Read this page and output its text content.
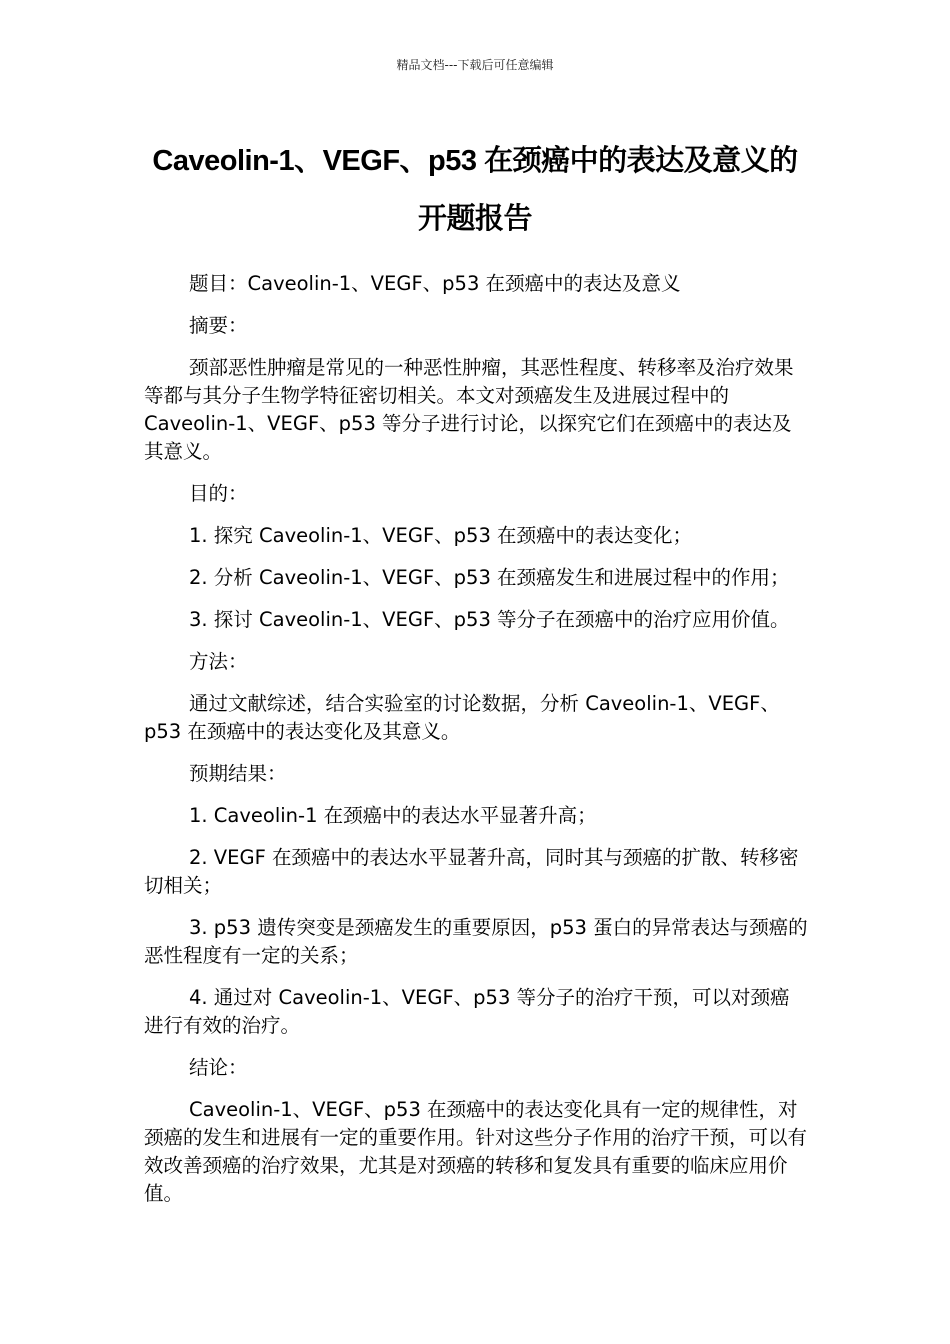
精品文档---下载后可任意编辑
Caveolin-1、VEGF、p53 在颈癌中的表达及意义的
开题报告

题目：Caveolin-1、VEGF、p53 在颈癌中的表达及意义

摘要：

颈部恶性肿瘤是常见的一种恶性肿瘤，其恶性程度、转移率及治疗效果等都与其分子生物学特征密切相关。本文对颈癌发生及进展过程中的 Caveolin-1、VEGF、p53 等分子进行讨论，以探究它们在颈癌中的表达及其意义。

目的：

1. 探究 Caveolin-1、VEGF、p53 在颈癌中的表达变化；

2. 分析 Caveolin-1、VEGF、p53 在颈癌发生和进展过程中的作用；

3. 探讨 Caveolin-1、VEGF、p53 等分子在颈癌中的治疗应用价值。

方法：

通过文献综述，结合实验室的讨论数据，分析 Caveolin-1、VEGF、p53 在颈癌中的表达变化及其意义。

预期结果：

1. Caveolin-1 在颈癌中的表达水平显著升高；

2. VEGF 在颈癌中的表达水平显著升高，同时其与颈癌的扩散、转移密切相关；

3. p53 遗传突变是颈癌发生的重要原因，p53 蛋白的异常表达与颈癌的恶性程度有一定的关系；

4. 通过对 Caveolin-1、VEGF、p53 等分子的治疗干预，可以对颈癌进行有效的治疗。

结论：

Caveolin-1、VEGF、p53 在颈癌中的表达变化具有一定的规律性，对颈癌的发生和进展有一定的重要作用。针对这些分子作用的治疗干预，可以有效改善颈癌的治疗效果，尤其是对颈癌的转移和复发具有重要的临床应用价值。
